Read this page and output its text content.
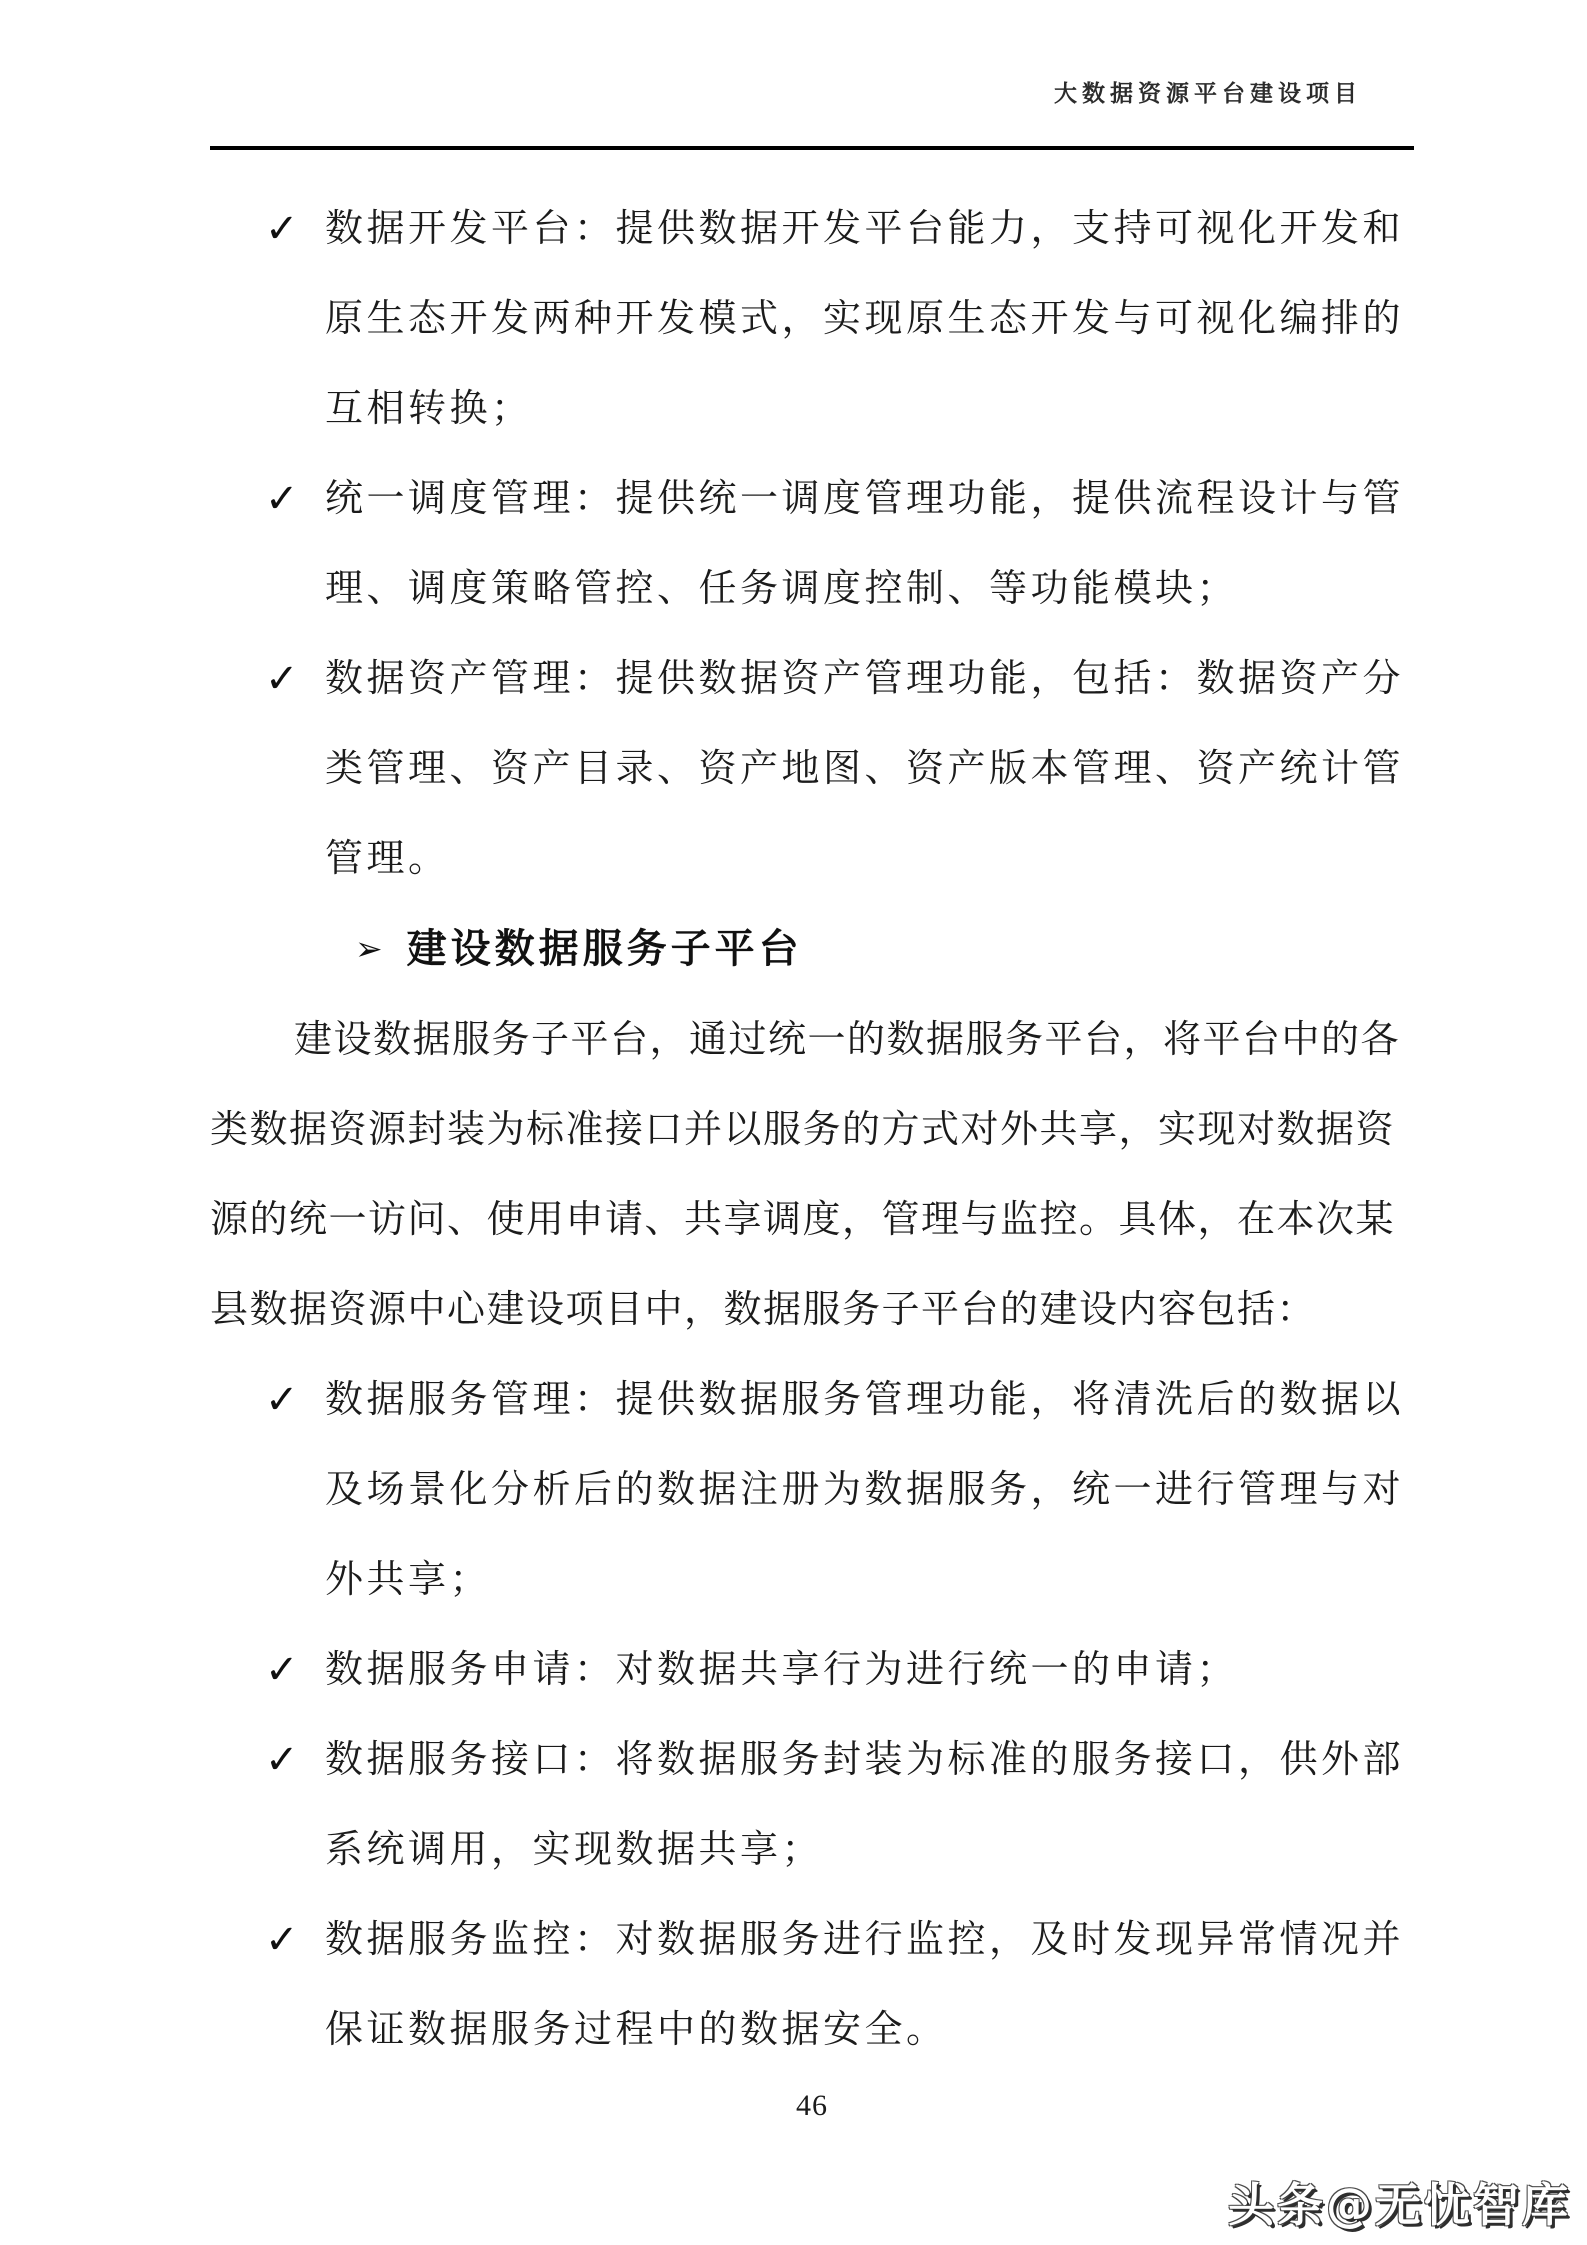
大数据资源平台建设项目
✓ 数据开发平台：提供数据开发平台能力，支持可视化开发和
原生态开发两种开发模式，实现原生态开发与可视化编排的
互相转换；
✓ 统一调度管理：提供统一调度管理功能，提供流程设计与管
理、调度策略管控、任务调度控制、等功能模块；
✓ 数据资产管理：提供数据资产管理功能，包括：数据资产分
类管理、资产目录、资产地图、资产版本管理、资产统计管
管理。
➢ 建设数据服务子平台
建设数据服务子平台，通过统一的数据服务平台，将平台中的各
类数据资源封装为标准接口并以服务的方式对外共享，实现对数据资
源的统一访问、使用申请、共享调度，管理与监控。具体，在本次某
县数据资源中心建设项目中，数据服务子平台的建设内容包括：
✓ 数据服务管理：提供数据服务管理功能，将清洗后的数据以
及场景化分析后的数据注册为数据服务，统一进行管理与对
外共享；
✓ 数据服务申请：对数据共享行为进行统一的申请；
✓ 数据服务接口：将数据服务封装为标准的服务接口，供外部
系统调用，实现数据共享；
✓ 数据服务监控：对数据服务进行监控，及时发现异常情况并
保证数据服务过程中的数据安全。
46
头条@无忧智库
